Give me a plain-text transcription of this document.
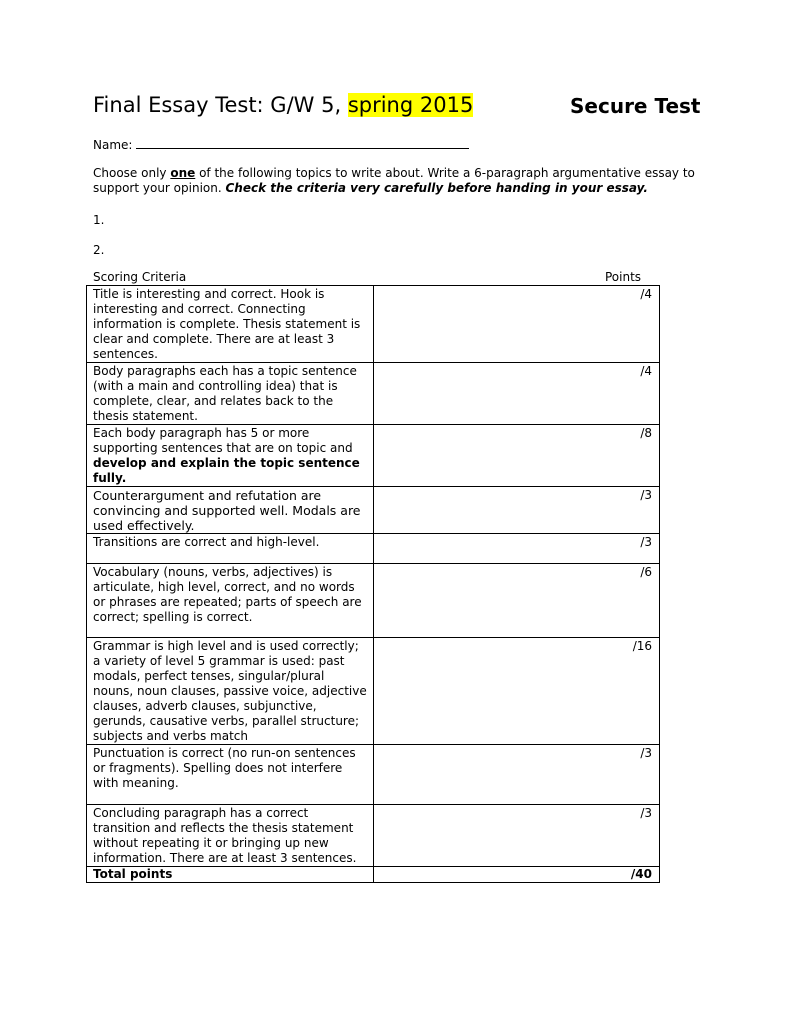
Final Essay Test: G/W 5, spring 2015	Secure Test
Name:
Choose only one of the following topics to write about. Write a 6-paragraph argumentative essay to support your opinion. Check the criteria very carefully before handing in your essay.
1.
2.
Scoring Criteria	Points
Title is interesting and correct. Hook is interesting and correct. Connecting information is complete. Thesis statement is clear and complete. There are at least 3 sentences.	/4

Body paragraphs each has a topic sentence (with a main and controlling idea) that is complete, clear, and relates back to the thesis statement.	/4
Each body paragraph has 5 or more supporting sentences that are on topic and develop and explain the topic sentence fully.	/8
Counterargument and refutation are convincing and supported well. Modals are used effectively.	/3
Transitions are correct and high-level.	/3
Vocabulary (nouns, verbs, adjectives) is articulate, high level, correct, and no words or phrases are repeated; parts of speech are correct; spelling is correct.	/6
Grammar is high level and is used correctly; a variety of level 5 grammar is used: past modals, perfect tenses, singular/plural nouns, noun clauses, passive voice, adjective clauses, adverb clauses, subjunctive, gerunds, causative verbs, parallel structure; subjects and verbs match	/16
Punctuation is correct (no run-on sentences or fragments). Spelling does not interfere with meaning.	/3
Concluding paragraph has a correct transition and reflects the thesis statement without repeating it or bringing up new information. There are at least 3 sentences.	/3
Total points	/40
